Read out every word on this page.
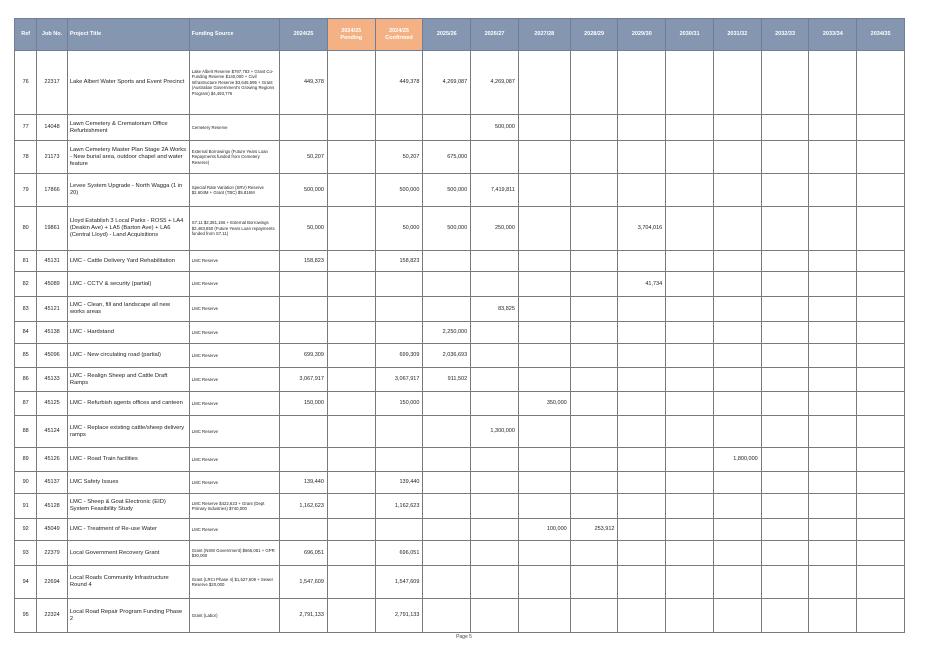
Ref	Job No.	Project Title	Funding Source	2024/25	2024/25 Pending	2024/25 Confirmed	2025/26	2026/27	2027/28	2028/29	2029/30	2030/31	2031/32	2032/33	2033/34	2034/35
76	22317	Lake Albert Water Sports and Event Precinct	Lake Albert Reserve $797,783 + Grant Co-Funding Reserve $140,000 + Civil Infrastructure Reserve $3,645,595 + Grant (Australian Government's Growing Regions Program) $4,493,776	449,378		449,378	4,269,087	4,269,087								
77	14048	Lawn Cemetery & Crematorium Office Refurbishment	Cemetery Reserve					500,000								
78	21173	Lawn Cemetery Master Plan Stage 2A Works - New burial area, outdoor chapel and water feature	External Borrowings (Future Years Loan Repayments funded from Cemetery Reserve)	50,207		50,207	675,000									
79	17866	Levee System Upgrade - North Wagga (1 in 20)	Special Rate Variation (SRV) Reserve $2.604M + Grant (TBC) $5.816M	500,000		500,000	500,000	7,419,811								
80	19861	Lloyd Establish 3 Local Parks - ROS5 + LA4 (Deakin Ave) + LA5 (Barton Ave) + LA6 (Central Lloyd) - Land Acquisitions	S7.11 $2,381,166 + External Borrowings $2,483,850 (Future Years Loan repayments funded from S7.11)	50,000		50,000	500,000	250,000			3,704,016					
81	45131	LMC - Cattle Delivery Yard Rehabilitation	LMC Reserve	158,823		158,823										
82	45089	LMC - CCTV & security (partial)	LMC Reserve								41,734					
83	45121	LMC - Clean, fill and landscape all new works areas	LMC Reserve					83,825								
84	45138	LMC - Hardstand	LMC Reserve				2,250,000									
85	45096	LMC - New circulating road (partial)	LMC Reserve	699,309		699,309	2,036,693									
86	45133	LMC - Realign Sheep and Cattle Draft Ramps	LMC Reserve	3,067,917		3,067,917	911,502									
87	45125	LMC - Refurbish agents offices and canteen	LMC Reserve	150,000		150,000			350,000							
88	45124	LMC - Replace existing cattle/sheep delivery ramps	LMC Reserve					1,300,000								
89	45126	LMC - Road Train facilities	LMC Reserve										1,800,000			
90	45137	LMC Safety Issues	LMC Reserve	139,440		139,440										
91	45128	LMC - Sheep & Goat Electronic (EID) System Feasibility Study	LMC Reserve $422,623 + Grant (Dept Primary Industries) $740,000	1,162,623		1,162,623										
92	45049	LMC - Treatment of Re-use Water	LMC Reserve						100,000	253,912						
93	22379	Local Government Recovery Grant	Grant (NSW Government) $666,051 + GPR $30,000	696,051		696,051										
94	22694	Local Roads Community Infrastructure Round 4	Grant (LRCI Phase 4) $1,527,609 + Sewer Reserve $20,000	1,547,609		1,547,609										
95	22324	Local Road Repair Program Funding Phase 2	Grant (Labor)	2,791,133		2,791,133										
Page 5
